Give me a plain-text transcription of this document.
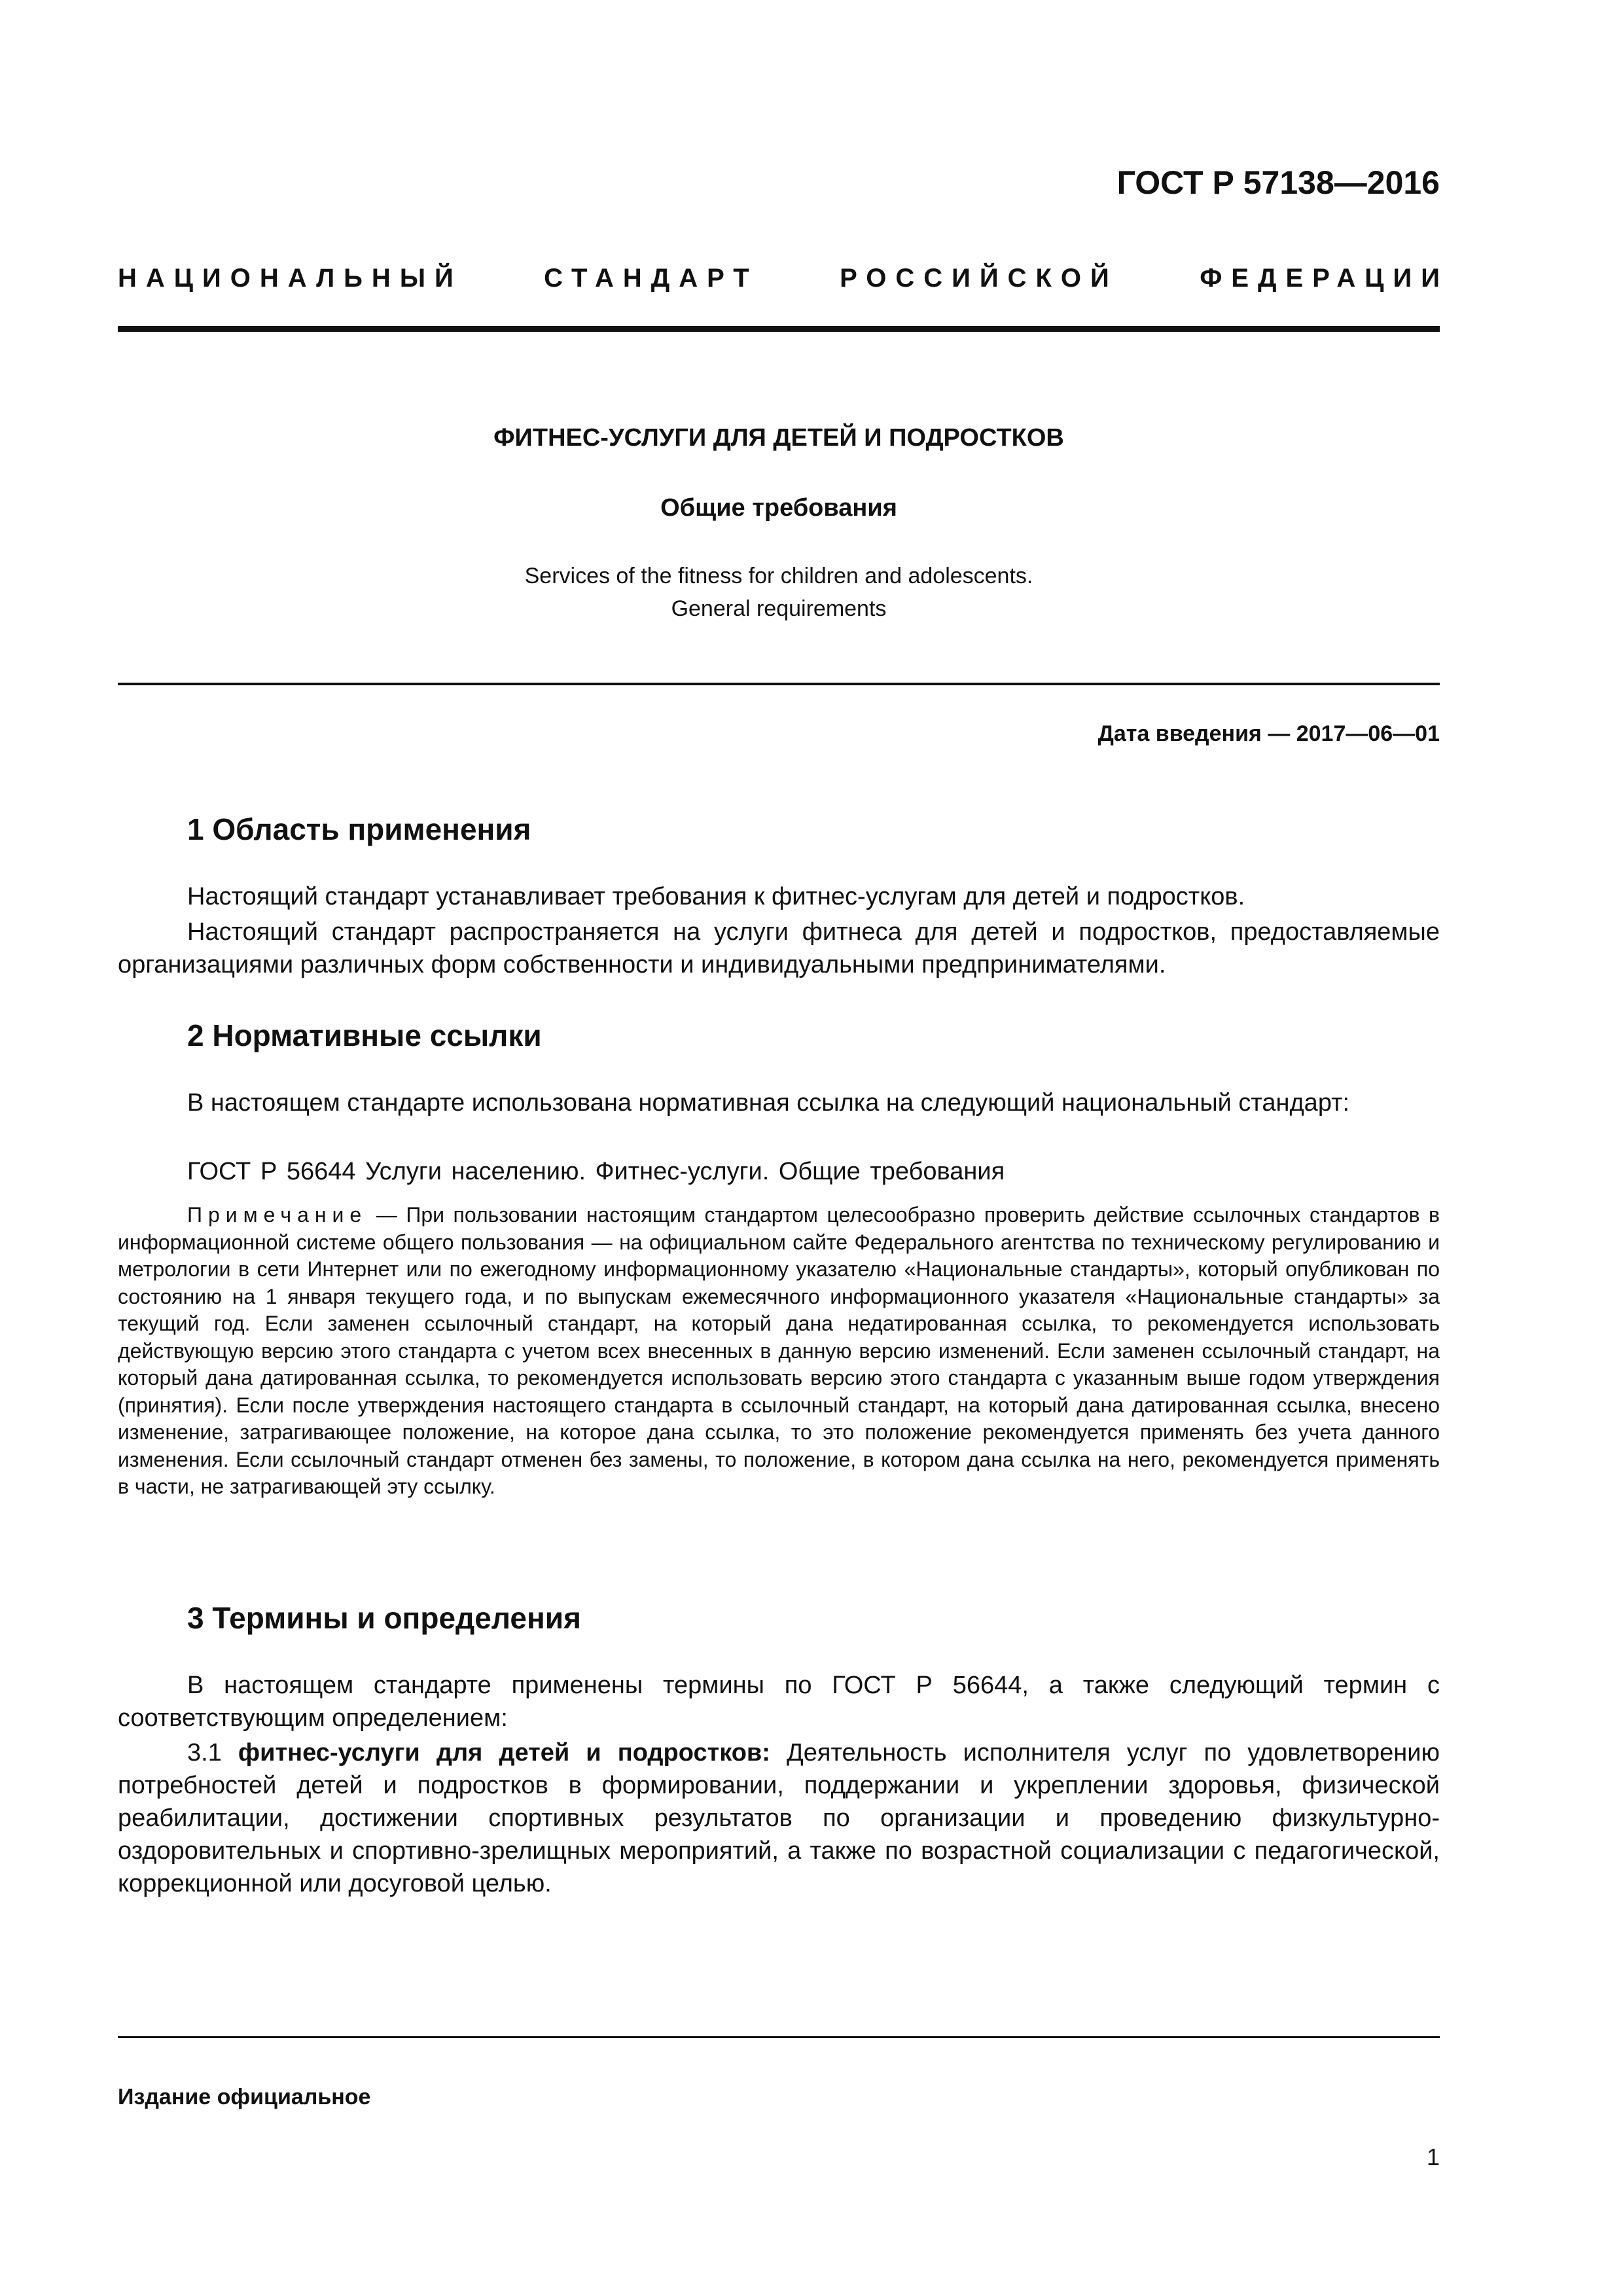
ГОСТ Р 57138—2016
НАЦИОНАЛЬНЫЙ	СТАНДАРТ	РОССИЙСКОЙ	ФЕДЕРАЦИИ
ФИТНЕС-УСЛУГИ ДЛЯ ДЕТЕЙ И ПОДРОСТКОВ
Общие требования
Services of the fitness for children and adolescents.
General requirements
Дата введения — 2017—06—01
1 Область применения
Настоящий стандарт устанавливает требования к фитнес-услугам для детей и подростков.
Настоящий стандарт распространяется на услуги фитнеса для детей и подростков, предоставляемые организациями различных форм собственности и индивидуальными предпринимателями.
2 Нормативные ссылки
В настоящем стандарте использована нормативная ссылка на следующий национальный стандарт:
ГОСТ Р 56644 Услуги населению. Фитнес-услуги. Общие требования
Примечание — При пользовании настоящим стандартом целесообразно проверить действие ссылочных стандартов в информационной системе общего пользования — на официальном сайте Федерального агентства по техническому регулированию и метрологии в сети Интернет или по ежегодному информационному указателю «Национальные стандарты», который опубликован по состоянию на 1 января текущего года, и по выпускам ежемесячного информационного указателя «Национальные стандарты» за текущий год. Если заменен ссылочный стандарт, на который дана недатированная ссылка, то рекомендуется использовать действующую версию этого стандарта с учетом всех внесенных в данную версию изменений. Если заменен ссылочный стандарт, на который дана датированная ссылка, то рекомендуется использовать версию этого стандарта с указанным выше годом утверждения (принятия). Если после утверждения настоящего стандарта в ссылочный стандарт, на который дана датированная ссылка, внесено изменение, затрагивающее положение, на которое дана ссылка, то это положение рекомендуется применять без учета данного изменения. Если ссылочный стандарт отменен без замены, то положение, в котором дана ссылка на него, рекомендуется применять в части, не затрагивающей эту ссылку.
3 Термины и определения
В настоящем стандарте применены термины по ГОСТ Р 56644, а также следующий термин с соответствующим определением:
3.1 фитнес-услуги для детей и подростков: Деятельность исполнителя услуг по удовлетворению потребностей детей и подростков в формировании, поддержании и укреплении здоровья, физической реабилитации, достижении спортивных результатов по организации и проведению физкультурно-оздоровительных и спортивно-зрелищных мероприятий, а также по возрастной социализации с педагогической, коррекционной или досуговой целью.
Издание официальное
1
